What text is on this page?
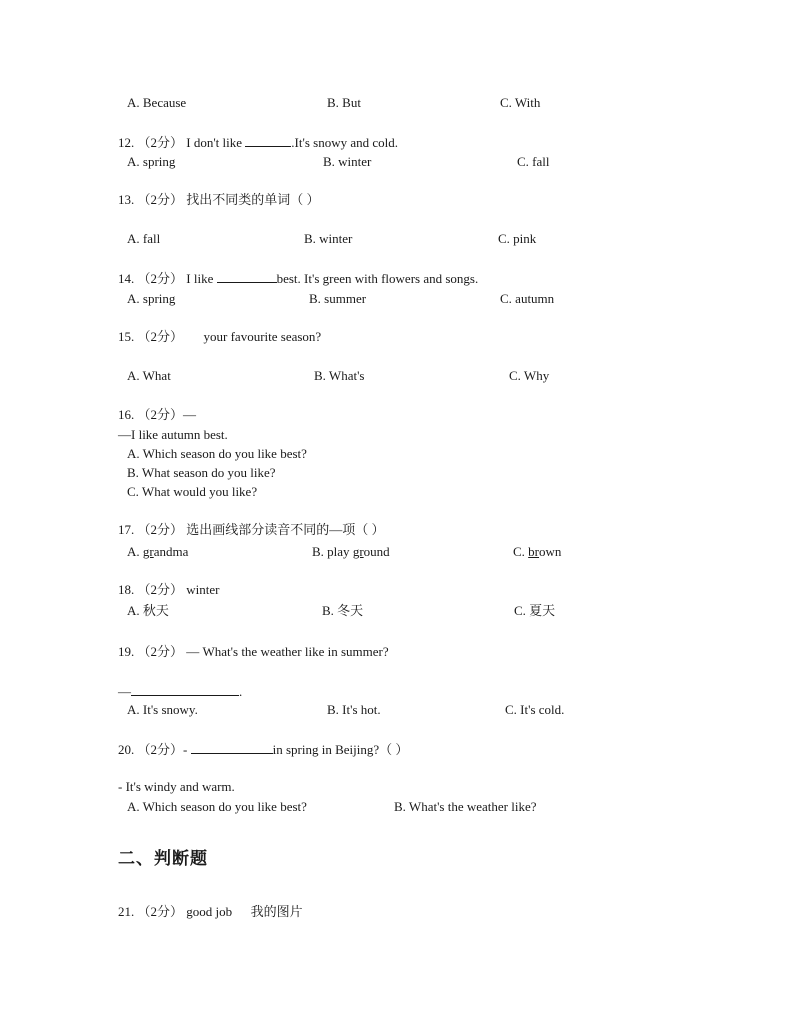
A. Because	B. But	C. With
12. （2分） I don't like	.It's snowy and cold.
A. spring	B. winter	C. fall
13. （2分） 找出不同类的单词（ ）
A. fall	B. winter	C. pink
14. （2分） I like	best. It's green with flowers and songs.
A. spring	B. summer	C. autumn
15. （2分） your favourite season?
A. What	B. What's	C. Why
16. （2分）—
—I like autumn best.
A. Which season do you like best?
B. What season do you like?
C. What would you like?
17. （2分） 选出画线部分读音不同的—项（ ）
A. grandma	B. play ground	C. brown
18. （2分） winter
A. 秋天	B. 冬天	C. 夏天
19. （2分） — What's the weather like in summer?
—	.
A. It's snowy.	B. It's hot.	C. It's cold.
20. （2分）-	in spring in Beijing?（ ）
- It's windy and warm.
A. Which season do you like best?	B. What's the weather like?
二、判断题
21. （2分） good job 我的图片
